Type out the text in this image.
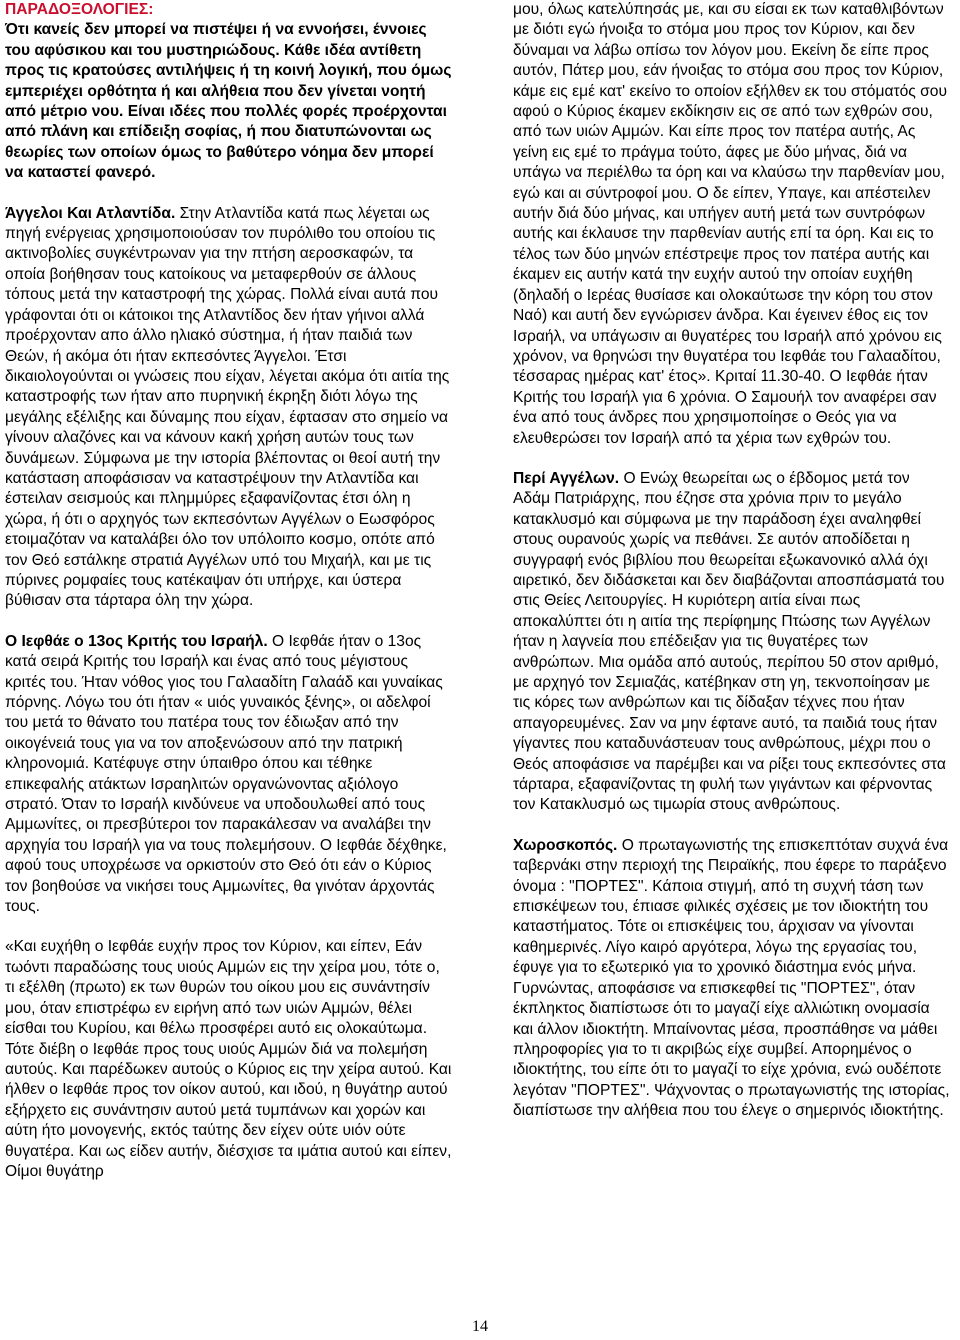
ΠΑΡΑΔΟΞΟΛΟΓΙΕΣ:
Ότι κανείς δεν μπορεί να πιστέψει ή να εννοήσει, έννοιες του αφύσικου και του μυστηριώδους. Κάθε ιδέα αντίθετη προς τις κρατούσες αντιλήψεις ή τη κοινή λογική, που όμως εμπεριέχει ορθότητα ή και αλήθεια που δεν γίνεται νοητή από μέτριο νου. Είναι ιδέες που πολλές φορές προέρχονται από πλάνη και επίδειξη σοφίας, ή που διατυπώνονται ως θεωρίες των οποίων όμως το βαθύτερο νόημα δεν μπορεί να καταστεί φανερό.

Άγγελοι Και Ατλαντίδα. Στην Ατλαντίδα κατά πως λέγεται ως πηγή ενέργειας χρησιμοποιούσαν τον πυρόλιθο του οποίου τις ακτινοβολίες συγκέντρωναν για την πτήση αεροσκαφών, τα οποία βοήθησαν τους κατοίκους να μεταφερθούν σε άλλους τόπους μετά την καταστροφή της χώρας. Πολλά είναι αυτά που γράφονται ότι οι κάτοικοι της Ατλαντίδος δεν ήταν γήινοι αλλά προέρχονταν απο άλλο ηλιακό σύστημα, ή ήταν παιδιά των Θεών, ή ακόμα ότι ήταν εκπεσόντες Άγγελοι. Έτσι δικαιολογούνται οι γνώσεις που είχαν, λέγεται ακόμα ότι αιτία της καταστροφής των ήταν απο πυρηνική έκρηξη διότι λόγω της μεγάλης εξέλιξης και δύναμης που είχαν, έφτασαν στο σημείο να γίνουν αλαζόνες και να κάνουν κακή χρήση αυτών τους των δυνάμεων. Σύμφωνα με την ιστορία βλέποντας οι θεοί αυτή την κατάσταση αποφάσισαν να καταστρέψουν την Ατλαντίδα και έστειλαν σεισμούς και πλημμύρες εξαφανίζοντας έτσι όλη η χώρα, ή ότι ο αρχηγός των εκπεσόντων Αγγέλων ο Εωσφόρος ετοιμαζόταν να καταλάβει όλο τον υπόλοιπο κοσμο, οπότε από τον Θεό εστάλκηε στρατιά Αγγέλων υπό του Μιχαήλ, και με τις πύρινες ρομφαίες τους κατέκαψαν ότι υπήρχε, και ύστερα βύθισαν στα τάρταρα όλη την χώρα.

Ο Ιεφθάε ο 13ος Κριτής του Ισραήλ. Ο Ιεφθάε ήταν ο 13ος κατά σειρά Κριτής του Ισραήλ και ένας από τους μέγιστους κριτές του. Ήταν νόθος γιος του Γαλααδίτη Γαλαάδ και γυναίκας πόρνης. Λόγω του ότι ήταν « uιός γυναικός ξένης», οι αδελφοί του μετά το θάνατο του πατέρα τους τον έδιωξαν από την οικογένειά τους για να τον αποξενώσουν από την πατρική κληρονομιά. Κατέφυγε στην ύπαιθρο όπου και τέθηκε επικεφαλής ατάκτων Ισραηλιτών οργανώνοντας αξιόλογο στρατό. Όταν το Ισραήλ κινδύνευε να υποδουλωθεί από τους Αμμωνίτες, οι πρεσβύτεροι τον παρακάλεσαν να αναλάβει την αρχηγία του Ισραήλ για να τους πολεμήσουν. Ο Ιεφθάε δέχθηκε, αφού τους υποχρέωσε να ορκιστούν στο Θεό ότι εάν ο Κύριος τον βοηθούσε να νικήσει τους Αμμωνίτες, θα γινόταν άρχοντάς τους.

«Και ευχήθη ο Ιεφθάε ευχήν προς τον Κύριον, και είπεν, Εάν τωόντι παραδώσης τους υιούς Αμμών εις την χείρα μου, τότε ο, τι εξέλθη (πρωτο) εκ των θυρών του οίκου μου εις συνάντησίν μου, όταν επιστρέφω εν ειρήνη από των υιών Αμμών, θέλει είσθαι του Κυρίου, και θέλω προσφέρει αυτό εις ολοκαύτωμα. Τότε διέβη ο Ιεφθάε προς τους υιούς Αμμών διά να πολεμήση αυτούς. Και παρέδωκεν αυτούς ο Κύριος εις την χείρα αυτού. Και ήλθεν ο Ιεφθάε προς τον οίκον αυτού, και ιδού, η θυγάτηρ αυτού εξήρχετο εις συνάντησιν αυτού μετά τυμπάνων και χορών και αύτη ήτο μονογενής, εκτός ταύτης δεν είχεν ούτε υιόν ούτε θυγατέρα. Και ως είδεν αυτήν, διέσχισε τα ιμάτια αυτού και είπεν, Οίμοι θυγάτηρ

μου, όλως κατελύπησάς με, και συ είσαι εκ των καταθλιβόντων με διότι εγώ ήνοιξα το στόμα μου προς τον Κύριον, και δεν δύναμαι να λάβω οπίσω τον λόγον μου. Εκείνη δε είπε προς αυτόν, Πάτερ μου, εάν ήνοιξας το στόμα σου προς τον Κύριον, κάμε εις εμέ κατ' εκείνο το οποίον εξήλθεν εκ του στόματός σου αφού ο Κύριος έκαμεν εκδίκησιν εις σε από των εχθρών σου, από των υιών Αμμών. Και είπε προς τον πατέρα αυτής, Ας γείνη εις εμέ το πράγμα τούτο, άφες με δύο μήνας, διά να υπάγω να περιέλθω τα όρη και να κλαύσω την παρθενίαν μου, εγώ και αι σύντροφοί μου. Ο δε είπεν, Υπαγε, και απέστειλεν αυτήν διά δύο μήνας, και υπήγεν αυτή μετά των συντρόφων αυτής και έκλαυσε την παρθενίαν αυτής επί τα όρη. Και εις το τέλος των δύο μηνών επέστρεψε προς τον πατέρα αυτής και έκαμεν εις αυτήν κατά την ευχήν αυτού την οποίαν ευχήθη (δηλαδή ο Ιερέας θυσίασε και ολοκαύτωσε την κόρη του στον Ναό) και αυτή δεν εγνώρισεν άνδρα. Και έγεινεν έθος εις τον Ισραήλ, να υπάγωσιν αι θυγατέρες του Ισραήλ από χρόνου εις χρόνον, να θρηνώσι την θυγατέρα του Ιεφθάε του Γαλααδίτου, τέσσαρας ημέρας κατ' έτος». Κριταί 11.30-40. Ο Ιεφθάε ήταν Κριτής του Ισραήλ για 6 χρόνια. Ο Σαμουήλ τον αναφέρει σαν ένα από τους άνδρες που χρησιμοποίησε ο Θεός για να ελευθερώσει τον Ισραήλ από τα χέρια των εχθρών του.

Περί Αγγέλων. Ο Ενώχ θεωρείται ως ο έβδομος μετά τον Αδάμ Πατριάρχης, που έζησε στα χρόνια πριν το μεγάλο κατακλυσμό και σύμφωνα με την παράδοση έχει αναληφθεί στους ουρανούς χωρίς να πεθάνει. Σε αυτόν αποδίδεται η συγγραφή ενός βιβλίου που θεωρείται εξωκανονικό αλλά όχι αιρετικό, δεν διδάσκεται και δεν διαβάζονται αποσπάσματά του στις Θείες Λειτουργίες. Η κυριότερη αιτία είναι πως αποκαλύπτει ότι η αιτία της περίφημης Πτώσης των Αγγέλων ήταν η λαγνεία που επέδειξαν για τις θυγατέρες των ανθρώπων. Μια ομάδα από αυτούς, περίπου 50 στον αριθμό, με αρχηγό τον Σεμιαζάς, κατέβηκαν στη γη, τεκνοποίησαν με τις κόρες των ανθρώπων και τις δίδαξαν τέχνες που ήταν απαγορευμένες. Σαν να μην έφτανε αυτό, τα παιδιά τους ήταν γίγαντες που καταδυνάστευαν τους ανθρώπους, μέχρι που ο Θεός αποφάσισε να παρέμβει και να ρίξει τους εκπεσόντες στα τάρταρα, εξαφανίζοντας τη φυλή των γιγάντων και φέρνοντας τον Κατακλυσμό ως τιμωρία στους ανθρώπους.

Χωροσκοπός. Ο πρωταγωνιστής της επισκεπτόταν συχνά ένα ταβερνάκι στην περιοχή της Πειραϊκής, που έφερε το παράξενο όνομα : "ΠΟΡΤΕΣ". Κάποια στιγμή, από τη συχνή τάση των επισκέψεων του, έπιασε φιλικές σχέσεις με τον ιδιοκτήτη του καταστήματος. Τότε οι επισκέψεις του, άρχισαν να γίνονται καθημερινές. Λίγο καιρό αργότερα, λόγω της εργασίας του, έφυγε για το εξωτερικό για το χρονικό διάστημα ενός μήνα. Γυρνώντας, αποφάσισε να επισκεφθεί τις "ΠΟΡΤΕΣ", όταν έκπληκτος διαπίστωσε ότι το μαγαζί είχε αλλιώτικη ονομασία και άλλον ιδιοκτήτη. Μπαίνοντας μέσα, προσπάθησε να μάθει πληροφορίες για το τι ακριβώς είχε συμβεί. Απορημένος ο ιδιοκτήτης, του είπε ότι το μαγαζί το είχε χρόνια, ενώ ουδέποτε λεγόταν "ΠΟΡΤΕΣ". Ψάχνοντας ο πρωταγωνιστής της ιστορίας, διαπίστωσε την αλήθεια που του έλεγε ο σημερινός ιδιοκτήτης.

14
